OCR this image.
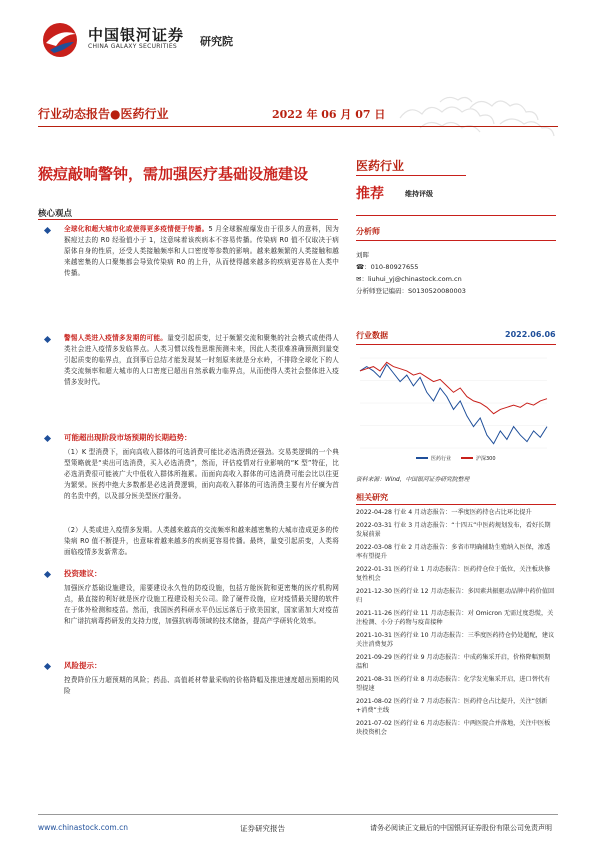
中国银河证券
CHINA GALAXY SECURITIES 研究院
行业动态报告●医药行业	2022 年 06 月 07 日
猴痘敲响警钟，需加强医疗基础设施建设	医药行业
推荐	维持评级
分析师
刘晖
☎：010-80927655
✉：liuhui_yj@chinastock.com.cn
分析师登记编码：S0130520080003
行业数据	2022.06.06
医药行业	沪深300
资料来源：Wind，中国银河证券研究院整理
相关研究
2022-04-28 行业 4 月动态报告：一季度医药持仓占比环比提升
2022-03-31 行业 3 月动态报告：“十四五”中医药规划发布，看好长期发展前景
2022-03-08 行业 2 月动态报告：多省市明确辅助生殖纳入医保，渗透率有望提升
2022-01-31 医药行业 1 月动态报告：医药持仓位于低位，关注板块修复性机会
2021-12-30 医药行业 12 月动态报告：多因素共振驱动品牌中药价值回归
2021-11-26 医药行业 11 月动态报告：对 Omicron 无需过度恐慌，关注检测、小分子药物与疫苗接种
2021-10-31 医药行业 10 月动态报告：三季度医药持仓仍处超配，建议关注消费复苏
2021-09-29 医药行业 9 月动态报告：中成药集采开启，价格降幅预期温和
2021-08-31 医药行业 8 月动态报告：化学发光集采开启，进口替代有望提速
2021-08-02 医药行业 7 月动态报告：医药持仓占比提升，关注“创新+消费”主线
2021-07-02 医药行业 6 月动态报告：中两医院合并落地，关注中医板块投资机会
核心观点
全球化和超大城市化或使得更多疫情便于传播。5 月全球猴痘爆发由于很多人的意料，因为猴痘过去的 R0 经验值小于 1，这意味着该疾病本不容易传播。传染病 R0 值不仅取决于病原体自身的性质，还受人类接触频率和人口密度等参数的影响。越来越频繁的人类接触和越来越密集的人口聚集都会导致传染病 R0 的上升，从而使得越来越多的疾病更容易在人类中传播。
警惕人类进入疫情多发期的可能。量变引起质变，过于频繁交流和聚集的社会模式或使得人类社会进入疫情多发临界点。人类习惯以线性思维预测未来，因此人类很难准确预测到量变引起质变的临界点，直到事后总结才能发现某一时刻原来就是分水岭，不排除全球化下的人类交流频率和超大城市的人口密度已超出自然承载力临界点，从而使得人类社会整体进入疫情多发时代。
可能超出现阶段市场预期的长期趋势：
（1）K 型消费下，面向高收入群体的可选消费可能比必选消费还强劲。交易类逻辑的一个典型策略就是“卖出可选消费，买入必选消费”，然而，评估疫情对行业影响的“K 型”特征，比必选消费很可能被广大中低收入群体所拖累。而面向高收入群体的可选消费可能会比以往更为繁荣。医药中绝大多数都是必选消费逻辑，面向高收入群体的可选消费主要有片仔癀为首的名贵中药，以及部分医美型医疗服务。
（2）人类或进入疫情多发期。人类越来越高的交流频率和越来越密集的大城市造成更多的传染病 R0 值不断提升，也意味着越来越多的疾病更容易传播。最终，量变引起质变，人类将面临疫情多发新常态。
投资建议：
加强医疗基础设施建设，需要建设永久性的防疫设施，包括方舱医院和更密集的医疗机构网点，最直接的利好就是医疗设施工程建设相关公司。除了硬件设施，应对疫情最关键的软件在于体外检测和疫苗。然而，我国医药科研水平仍远远落后于欧美国家，国家需加大对疫苗和广谱抗病毒药研发的支持力度，加强抗病毒领域的技术储备，提高产学研转化效率。
风险提示：
控费降价压力超预期的风险；药品、高值耗材带量采购的价格降幅及推进速度超出预期的风险
www.chinastock.com.cn	证券研究报告	请务必阅读正文最后的中国银河证券股份有限公司免责声明
